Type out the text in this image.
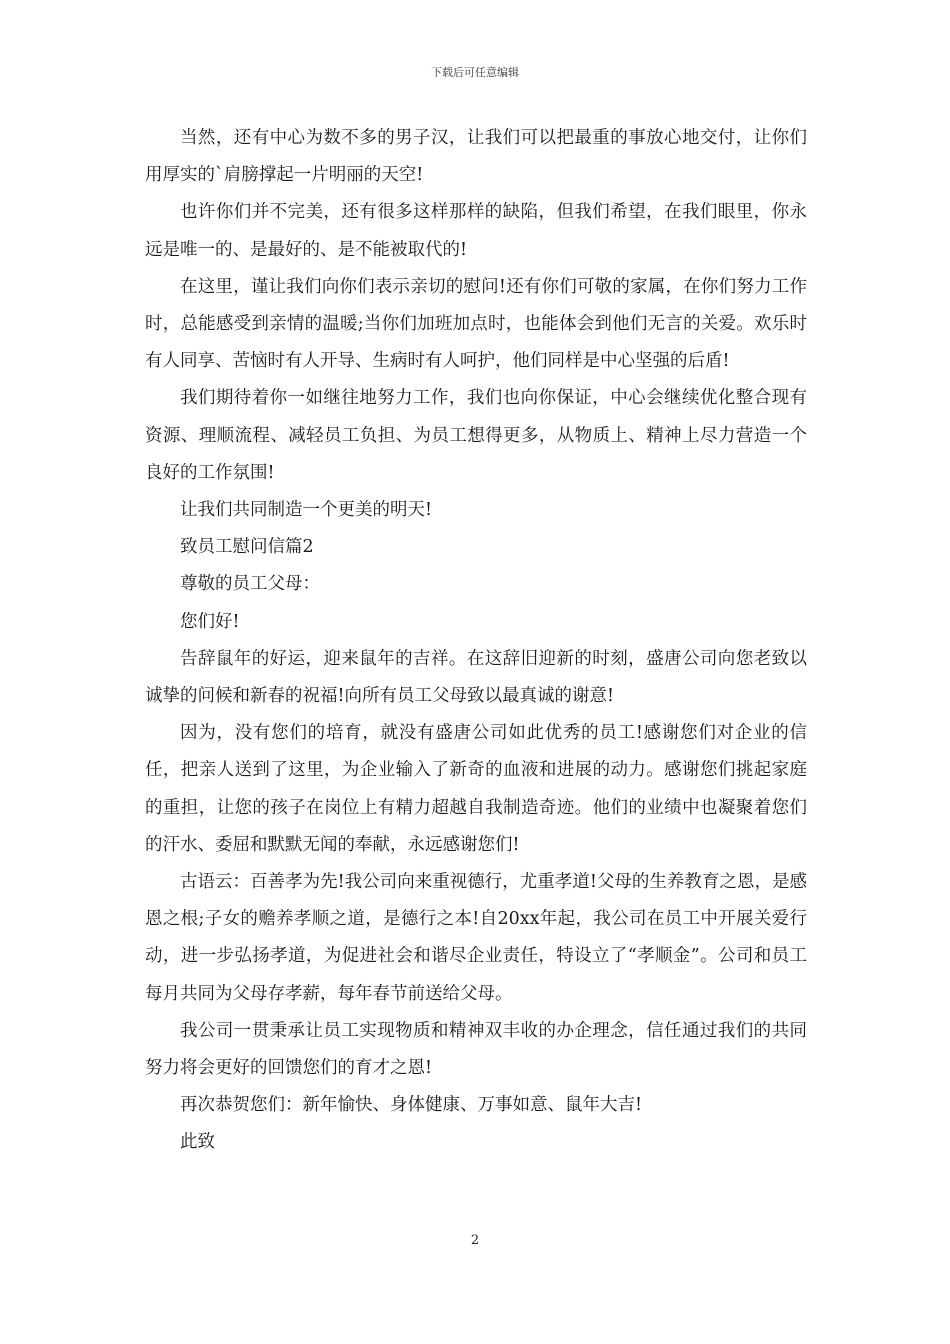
下载后可任意编辑

当然，还有中心为数不多的男子汉，让我们可以把最重的事放心地交付，让你们用厚实的`肩膀撑起一片明丽的天空!

也许你们并不完美，还有很多这样那样的缺陷，但我们希望，在我们眼里，你永远是唯一的、是最好的、是不能被取代的!

在这里，谨让我们向你们表示亲切的慰问!还有你们可敬的家属，在你们努力工作时，总能感受到亲情的温暖;当你们加班加点时，也能体会到他们无言的关爱。欢乐时有人同享、苦恼时有人开导、生病时有人呵护，他们同样是中心坚强的后盾!

我们期待着你一如继往地努力工作，我们也向你保证，中心会继续优化整合现有资源、理顺流程、减轻员工负担、为员工想得更多，从物质上、精神上尽力营造一个良好的工作氛围!

让我们共同制造一个更美的明天!

致员工慰问信篇2

尊敬的员工父母：

您们好!

告辞鼠年的好运，迎来鼠年的吉祥。在这辞旧迎新的时刻，盛唐公司向您老致以诚挚的问候和新春的祝福!向所有员工父母致以最真诚的谢意!

因为，没有您们的培育，就没有盛唐公司如此优秀的员工!感谢您们对企业的信任，把亲人送到了这里，为企业输入了新奇的血液和进展的动力。感谢您们挑起家庭的重担，让您的孩子在岗位上有精力超越自我制造奇迹。他们的业绩中也凝聚着您们的汗水、委屈和默默无闻的奉献，永远感谢您们!

古语云：百善孝为先!我公司向来重视德行，尤重孝道!父母的生养教育之恩，是感恩之根;子女的赡养孝顺之道，是德行之本!自20xx年起，我公司在员工中开展关爱行动，进一步弘扬孝道，为促进社会和谐尽企业责任，特设立了“孝顺金”。公司和员工每月共同为父母存孝薪，每年春节前送给父母。

我公司一贯秉承让员工实现物质和精神双丰收的办企理念，信任通过我们的共同努力将会更好的回馈您们的育才之恩!

再次恭贺您们：新年愉快、身体健康、万事如意、鼠年大吉!

此致

2
